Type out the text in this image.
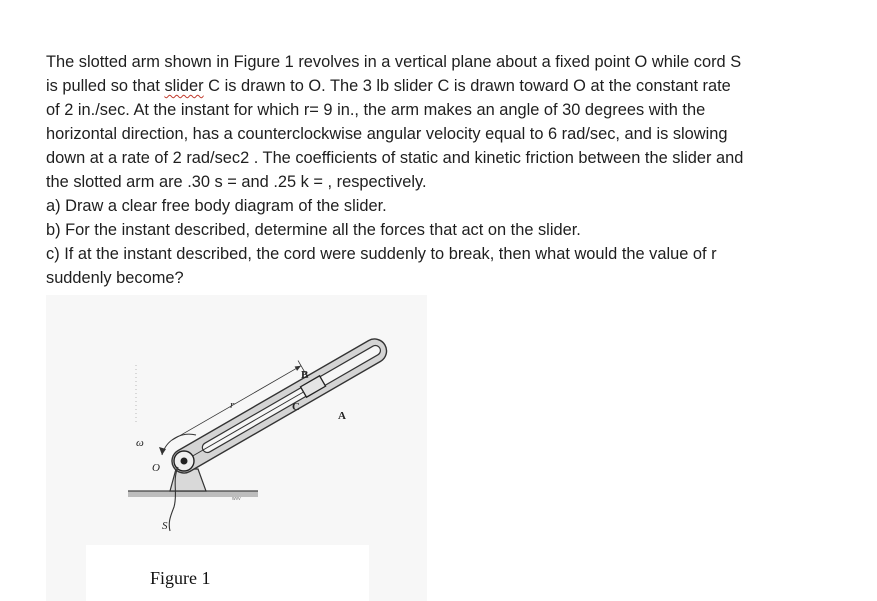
The slotted arm shown in Figure 1 revolves in a vertical plane about a fixed point O while cord S
is pulled so that slider C is drawn to O. The 3 lb slider C is drawn toward O at the constant rate
of 2 in./sec. At the instant for which r= 9 in., the arm makes an angle of 30 degrees with the
horizontal direction, has a counterclockwise angular velocity equal to 6 rad/sec, and is slowing
down at a rate of 2 rad/sec2 . The coefficients of static and kinetic friction between the slider and
the slotted arm are .30 s = and .25 k = , respectively.
a) Draw a clear free body diagram of the slider.
b) For the instant described, determine all the forces that act on the slider.
c) If at the instant described, the cord were suddenly to break, then what would the value of r
suddenly become?
wvv
ω
O
S
r
B
C
A
Figure 1
